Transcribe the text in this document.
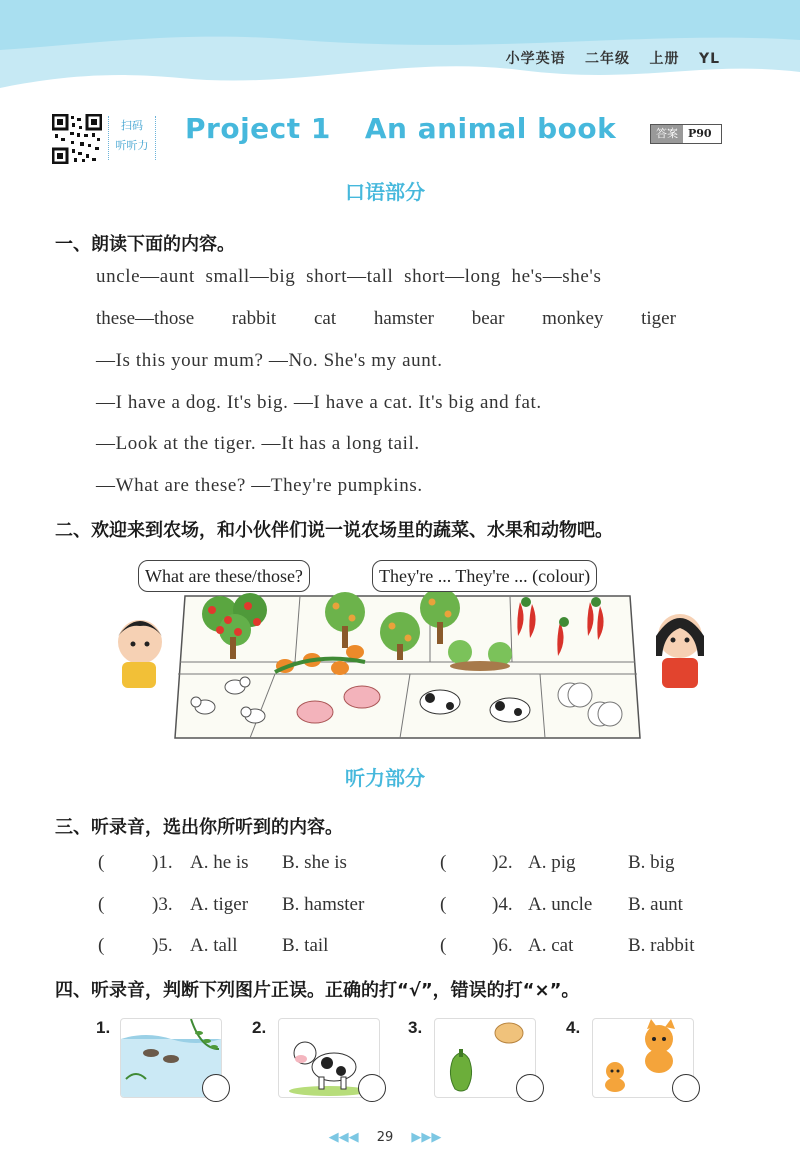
小学英语 二年级 上册 YL
扫码
听听力
Project 1 An animal book	答案 P90
口语部分
一、朗读下面的内容。
uncle—aunt  small—big  short—tall  short—long  he's—she's
these—those rabbit cat hamster bear monkey tiger
—Is this your mum? —No. She's my aunt.
—I have a dog. It's big. —I have a cat. It's big and fat.
—Look at the tiger. —It has a long tail.
—What are these? —They're pumpkins.
二、欢迎来到农场，和小伙伴们说一说农场里的蔬菜、水果和动物吧。
What are these/those?	They're ... They're ... (colour)
听力部分
三、听录音，选出你所听到的内容。
(	)1. A. he is B. she is	( )2. A. pig	B. big
(	)3. A. tiger B. hamster	( )4. A. uncle B. aunt
(	)5. A. tall B. tail	( )6. A. cat	B. rabbit
四、听录音，判断下列图片正误。正确的打“√”，错误的打“×”。
1.	2.	3.	4.
◀◀◀ 29 ▶▶▶
